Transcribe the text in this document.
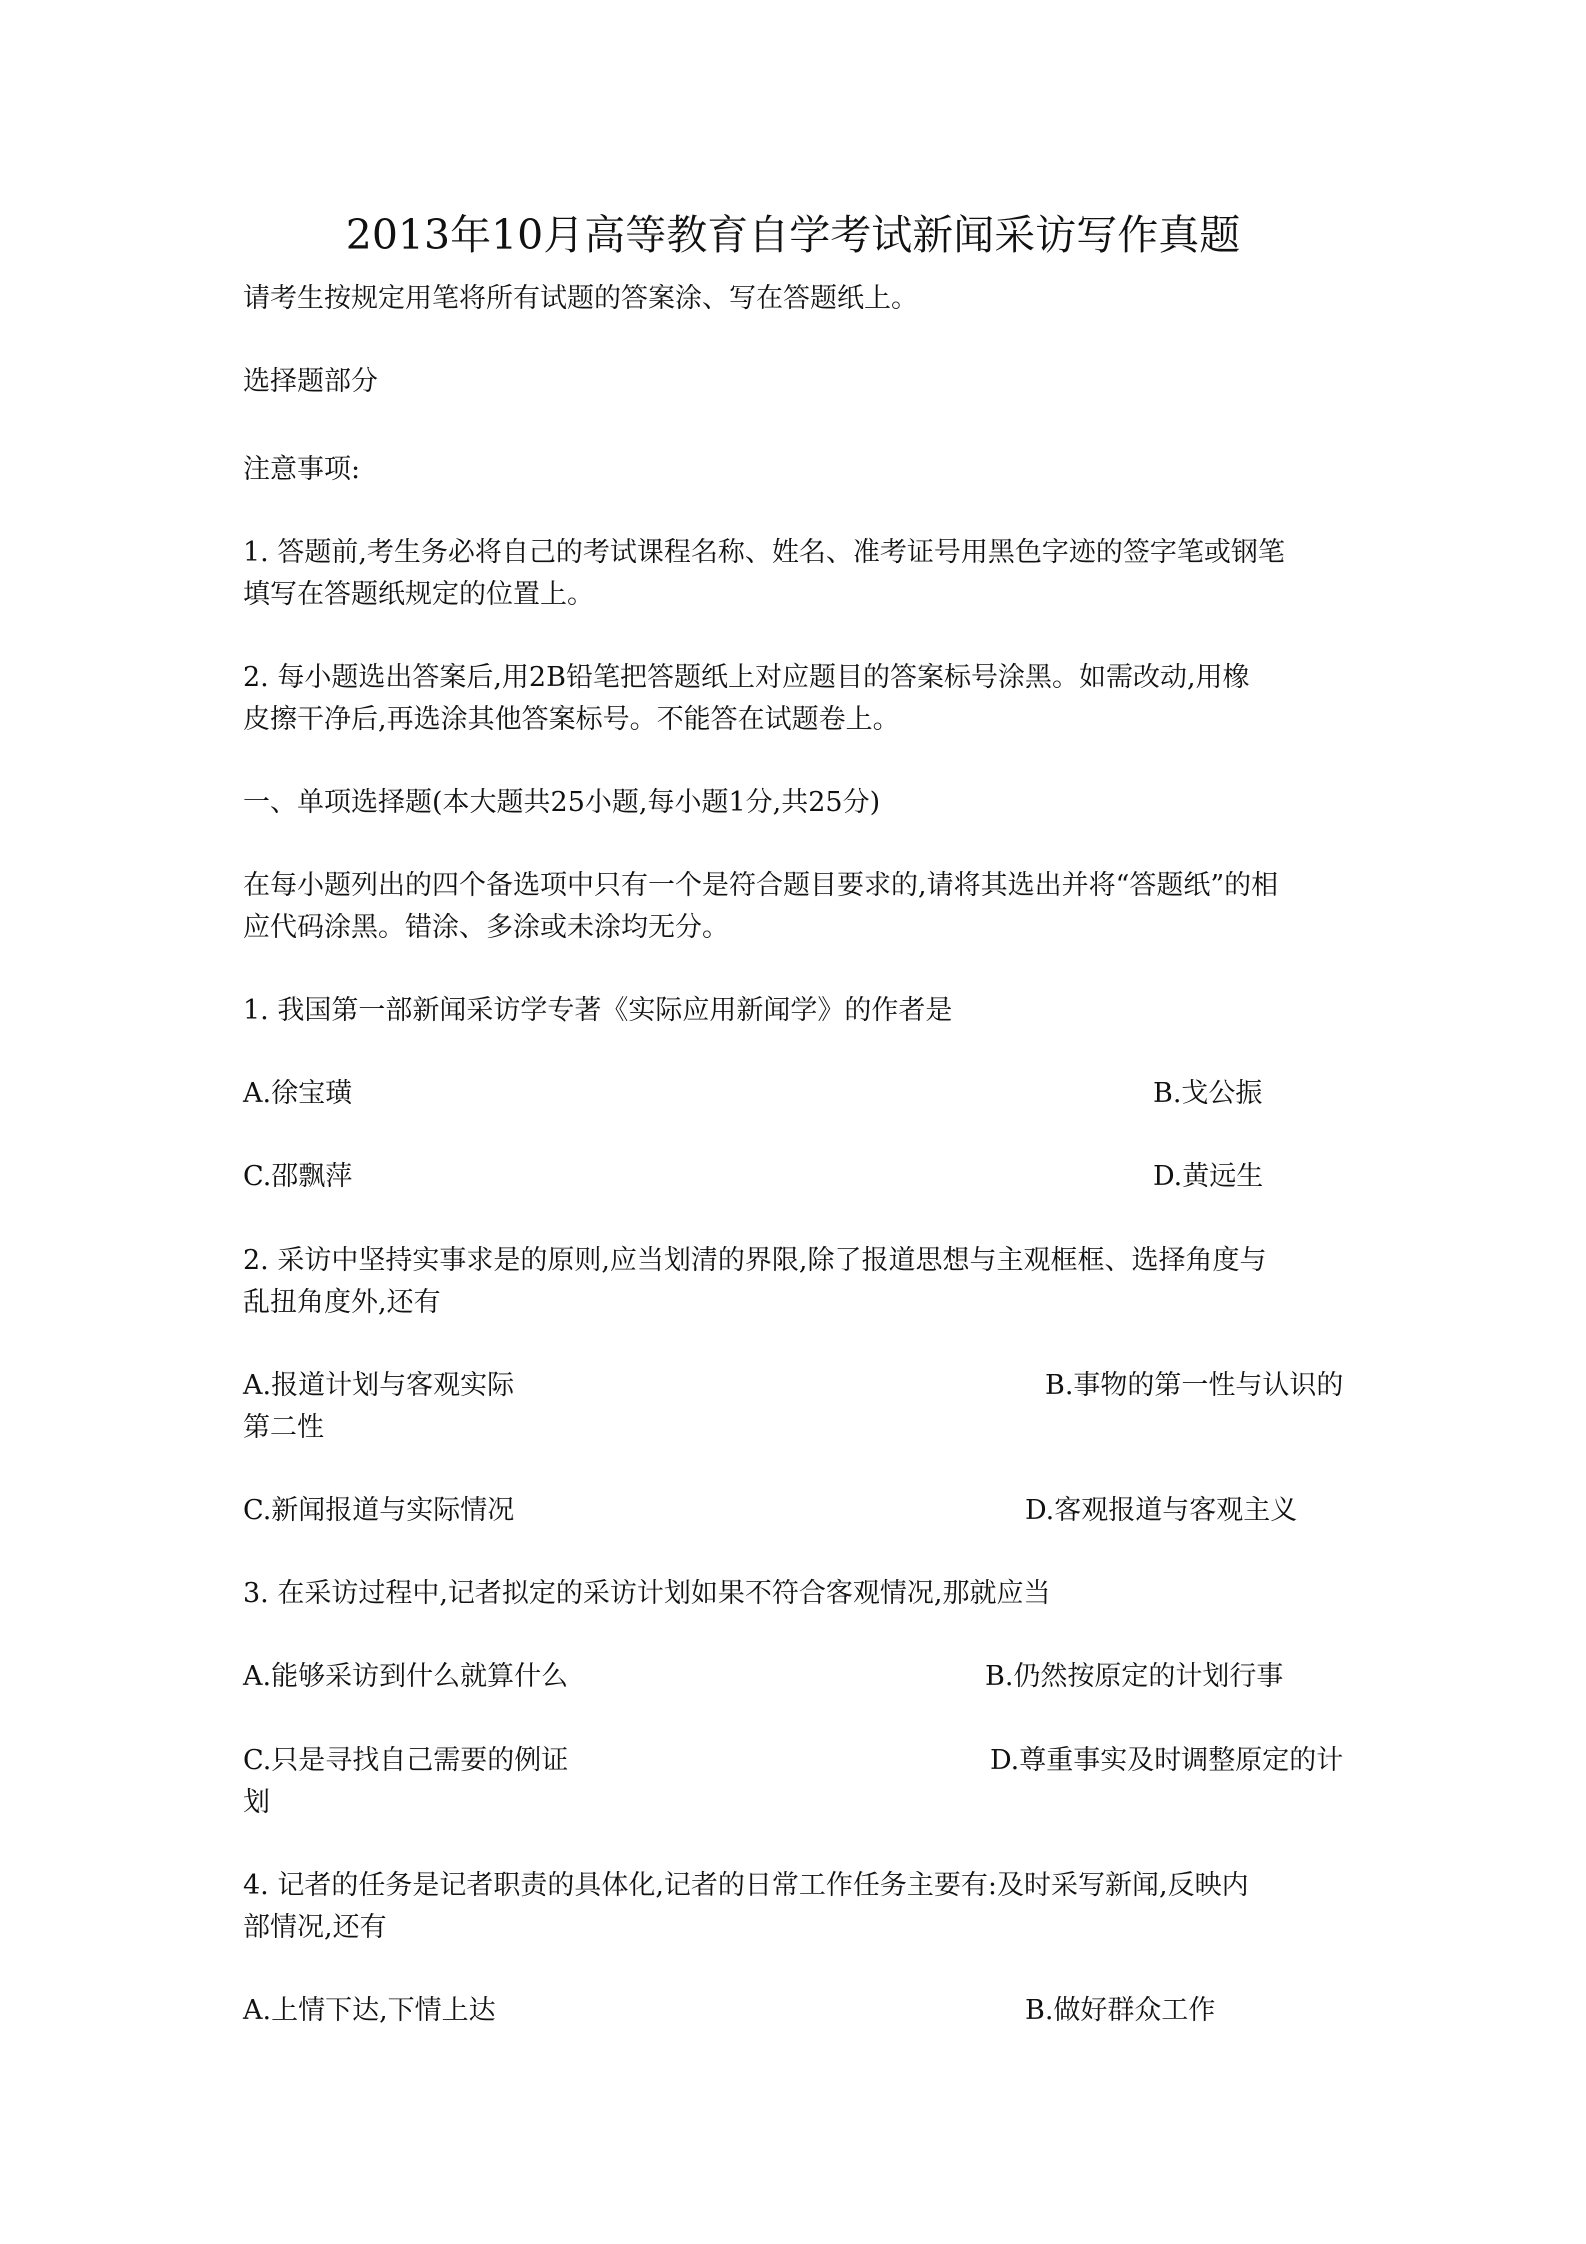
2013年10月高等教育自学考试新闻采访写作真题
请考生按规定用笔将所有试题的答案涂、写在答题纸上。
选择题部分
注意事项:
1. 答题前,考生务必将自己的考试课程名称、姓名、准考证号用黑色字迹的签字笔或钢笔
填写在答题纸规定的位置上。
2. 每小题选出答案后,用2B铅笔把答题纸上对应题目的答案标号涂黑。如需改动,用橡
皮擦干净后,再选涂其他答案标号。不能答在试题卷上。
一、单项选择题(本大题共25小题,每小题1分,共25分)
在每小题列出的四个备选项中只有一个是符合题目要求的,请将其选出并将“答题纸”的相
应代码涂黑。错涂、多涂或未涂均无分。
1. 我国第一部新闻采访学专著《实际应用新闻学》的作者是
A.徐宝璜	B.戈公振
C.邵飘萍	D.黄远生
2. 采访中坚持实事求是的原则,应当划清的界限,除了报道思想与主观框框、选择角度与
乱扭角度外,还有
A.报道计划与客观实际	B.事物的第一性与认识的
第二性
C.新闻报道与实际情况	D.客观报道与客观主义
3. 在采访过程中,记者拟定的采访计划如果不符合客观情况,那就应当
A.能够采访到什么就算什么	B.仍然按原定的计划行事
C.只是寻找自己需要的例证	D.尊重事实及时调整原定的计
划
4. 记者的任务是记者职责的具体化,记者的日常工作任务主要有:及时采写新闻,反映内
部情况,还有
A.上情下达,下情上达	B.做好群众工作
